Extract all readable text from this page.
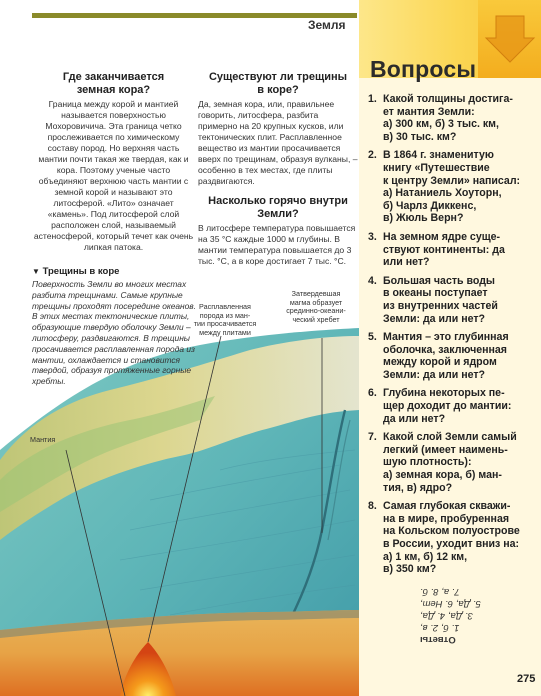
Земля
Мантия
Расплавленная
порода из ман-
тии просачивается
между плитами
Затвердевшая
магма образует
срединно-океани-
ческий хребет
Где заканчивается
земная кора?
Граница между корой и мантией называется поверхностью Мохоровичича. Эта граница четко прослеживается по химическому составу пород. Но верхняя часть мантии почти такая же твердая, как и кора. Поэтому ученые часто объединяют верхнюю часть мантии с земной корой и называют это литосферой. «Лито» означает «камень». Под литосферой слой расположен слой, называемый астеносферой, который течет как очень липкая патока.
Существуют ли трещины
в коре?
Да, земная кора, или, правильнее говорить, литосфера, разбита примерно на 20 крупных кусков, или тектонических плит. Расплавленное вещество из мантии просачивается вверх по трещинам, образуя вулканы, – особенно в тех местах, где плиты раздвигаются.
Насколько горячо внутри
Земли?
В литосфере температура повышается на 35 °С каждые 1000 м глубины. В мантии температура повышается до 3 тыс. °С, а в коре достигает 7 тыс. °С.
▼ Трещины в коре
Поверхность Земли во многих местах разбита трещинами. Самые крупные трещины проходят посередине океанов. В этих местах тектонические плиты, образующие твердую оболочку Земли – литосферу, раздвигаются. В трещины просачивается расплавленная порода из мантии, охлаждается и становится твердой, образуя протяженные горные хребты.
Вопросы
1. Какой толщины достига-
ет мантия Земли:
а) 300 км, б) 3 тыс. км,
в) 30 тыс. км?
2. В 1864 г. знаменитую
книгу «Путешествие
к центру Земли» написал:
а) Натаниель Хоуторн,
б) Чарлз Диккенс,
в) Жюль Верн?
3. На земном ядре суще-
ствуют континенты: да
или нет?
4. Большая часть воды
в океаны поступает
из внутренних частей
Земли: да или нет?
5. Мантия – это глубинная
оболочка, заключенная
между корой и ядром
Земли: да или нет?
6. Глубина некоторых пе-
щер доходит до мантии:
да или нет?
7. Какой слой Земли самый
легкий (имеет наимень-
шую плотность):
а) земная кора, б) ман-
тия, в) ядро?
8. Самая глубокая скважи-
на в мире, пробуренная
на Кольском полуострове
в России, уходит вниз на:
а) 1 км, б) 12 км,
в) 350 км?
Ответы
1. б, 2. в,
3. Да, 4. Да,
5. Да, 6. Нет,
7. а, 8. б.
275
